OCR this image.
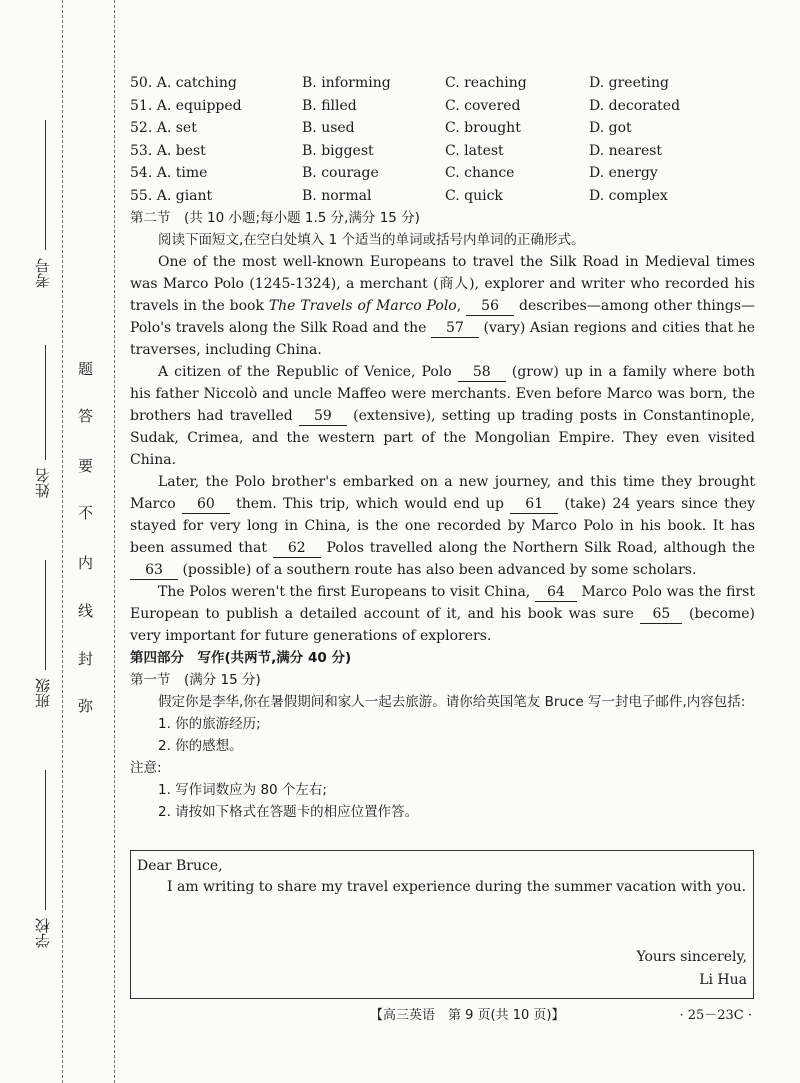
考号
姓名
班级
学校
题
答
要
不
内
线
封
弥
50. A. catching	B. informing	C. reaching	D. greeting
51. A. equipped	B. filled	C. covered	D. decorated
52. A. set	B. used	C. brought	D. got
53. A. best	B. biggest	C. latest	D. nearest
54. A. time	B. courage	C. chance	D. energy
55. A. giant	B. normal	C. quick	D. complex
第二节　(共 10 小题;每小题 1.5 分,满分 15 分)
阅读下面短文,在空白处填入 1 个适当的单词或括号内单词的正确形式。

One of the most well-known Europeans to travel the Silk Road in Medieval times was Marco Polo (1245-1324), a merchant (商人), explorer and writer who recorded his travels in the book The Travels of Marco Polo, 56 describes—among other things—Polo's travels along the Silk Road and the 57 (vary) Asian regions and cities that he traverses, including China.

A citizen of the Republic of Venice, Polo 58 (grow) up in a family where both his father Niccolò and uncle Maffeo were merchants. Even before Marco was born, the brothers had travelled 59 (extensive), setting up trading posts in Constantinople, Sudak, Crimea, and the western part of the Mongolian Empire. They even visited China.

Later, the Polo brother's embarked on a new journey, and this time they brought Marco 60 them. This trip, which would end up 61 (take) 24 years since they stayed for very long in China, is the one recorded by Marco Polo in his book. It has been assumed that 62 Polos travelled along the Northern Silk Road, although the 63 (possible) of a southern route has also been advanced by some scholars.

The Polos weren't the first Europeans to visit China, 64 Marco Polo was the first European to publish a detailed account of it, and his book was sure 65 (become) very important for future generations of explorers.

第四部分　写作(共两节,满分 40 分)
第一节　(满分 15 分)

假定你是李华,你在暑假期间和家人一起去旅游。请你给英国笔友 Bruce 写一封电子邮件,内容包括:

1. 你的旅游经历;
2. 你的感想。
注意:
1. 写作词数应为 80 个左右;
2. 请按如下格式在答题卡的相应位置作答。
Dear Bruce,
I am writing to share my travel experience during the summer vacation with you.
Yours sincerely,
Li Hua
【高三英语　第 9 页(共 10 页)】	· 25－23C ·
